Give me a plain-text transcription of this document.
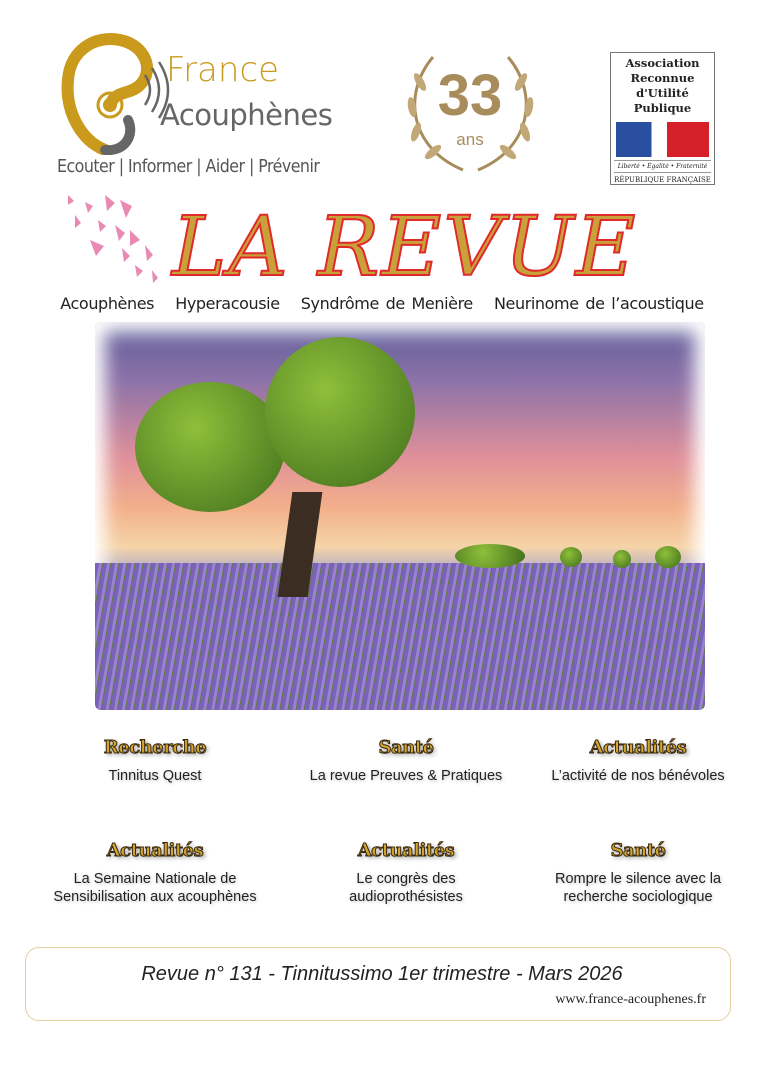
France
Acouphènes
Ecouter | Informer | Aider | Prévenir
33
ans
Association
Reconnue
d'Utilité
Publique
Liberté • Égalité • Fraternité
RÉPUBLIQUE FRANÇAISE
LA REVUE
Acouphènes Hyperacousie Syndrôme de Menière Neurinome de l’acoustique
Recherche

Tinnitus Quest

Santé

La revue Preuves & Pratiques

Actualités

L’activité de nos bénévoles

Actualités

La Semaine Nationale de Sensibilisation aux acouphènes

Actualités

Le congrès des audioprothésistes

Santé

Rompre le silence avec la recherche sociologique

Revue n° 131 - Tinnitussimo 1er trimestre - Mars 2026
www.france-acouphenes.fr
